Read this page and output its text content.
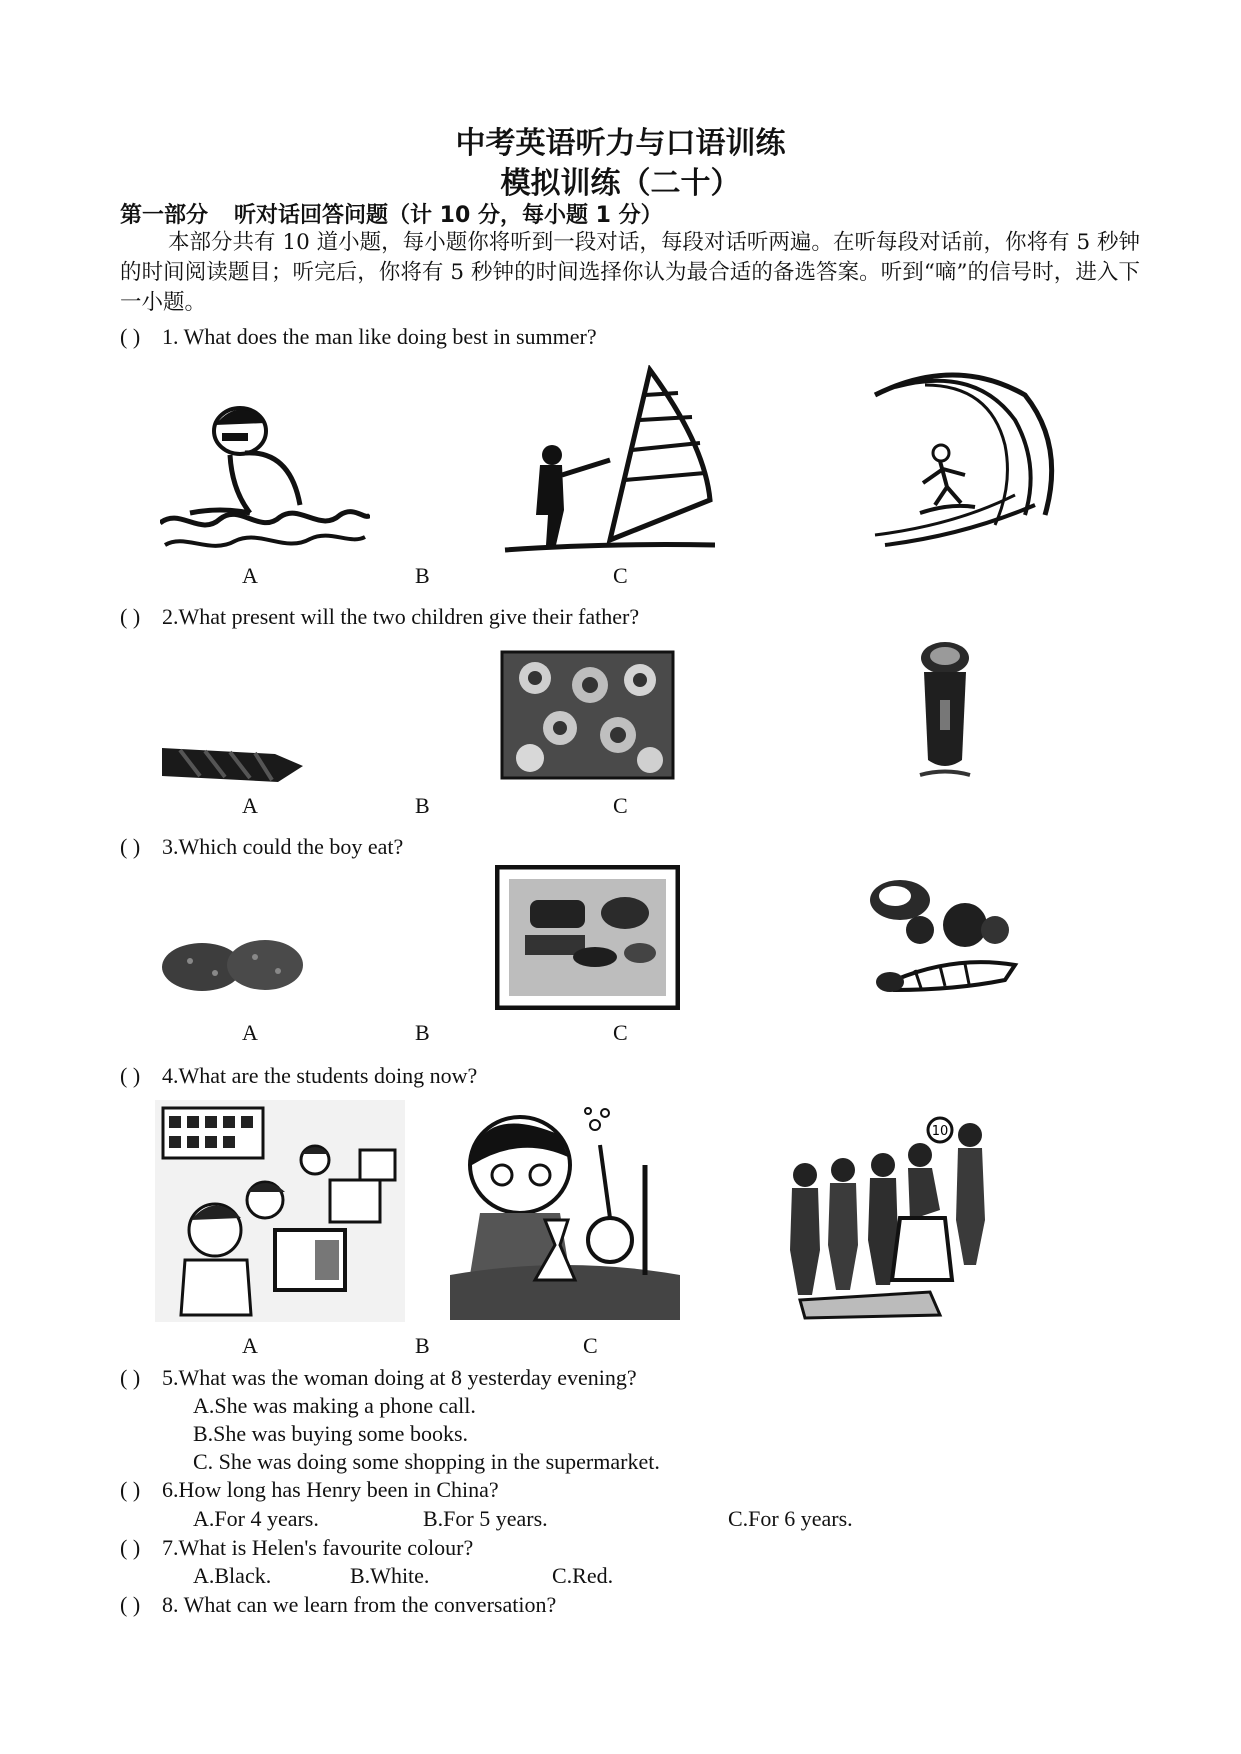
中考英语听力与口语训练
模拟训练（二十）
第一部分 听对话回答问题（计 10 分，每小题 1 分）
本部分共有 10 道小题，每小题你将听到一段对话，每段对话听两遍。在听每段对话前，你将有 5 秒钟的时间阅读题目；听完后，你将有 5 秒钟的时间选择你认为最合适的备选答案。听到“嘀”的信号时，进入下一小题。
( ) 1. What does the man like doing best in summer?
A	B	C
( ) 2.What present will the two children give their father?
A	B	C
( ) 3.Which could the boy eat?
A	B	C
( ) 4.What are the students doing now?
10
A	B	C
( ) 5.What was the woman doing at 8 yesterday evening?
A.She was making a phone call.
B.She was buying some books.
C. She was doing some shopping in the supermarket.
( ) 6.How long has Henry been in China?
A.For 4 years.	B.For 5 years.	C.For 6 years.
( ) 7.What is Helen's favourite colour?
A.Black.	B.White.	C.Red.
( ) 8. What can we learn from the conversation?
